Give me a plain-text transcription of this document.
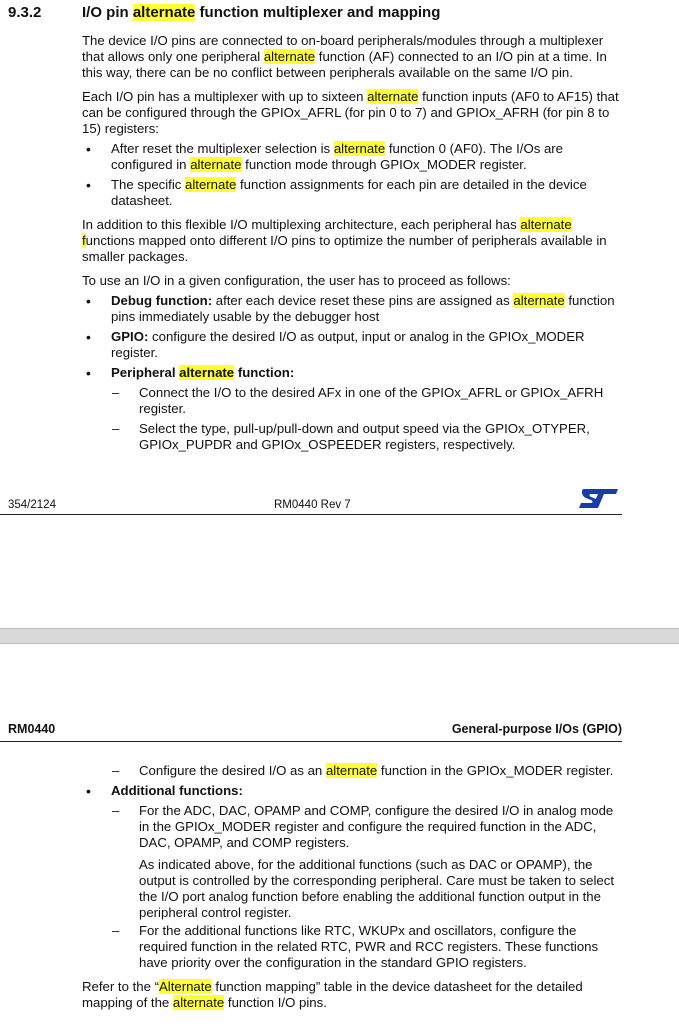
9.3.2	I/O pin alternate function multiplexer and mapping
The device I/O pins are connected to on-board peripherals/modules through a multiplexer
that allows only one peripheral alternate function (AF) connected to an I/O pin at a time. In
this way, there can be no conflict between peripherals available on the same I/O pin.
Each I/O pin has a multiplexer with up to sixteen alternate function inputs (AF0 to AF15) that
can be configured through the GPIOx_AFRL (for pin 0 to 7) and GPIOx_AFRH (for pin 8 to
15) registers:
• After reset the multiplexer selection is alternate function 0 (AF0). The I/Os are
configured in alternate function mode through GPIOx_MODER register.
• The specific alternate function assignments for each pin are detailed in the device
datasheet.
In addition to this flexible I/O multiplexing architecture, each peripheral has alternate
functions mapped onto different I/O pins to optimize the number of peripherals available in
smaller packages.
To use an I/O in a given configuration, the user has to proceed as follows:
• Debug function: after each device reset these pins are assigned as alternate function
pins immediately usable by the debugger host
• GPIO: configure the desired I/O as output, input or analog in the GPIOx_MODER
register.
• Peripheral alternate function:
– Connect the I/O to the desired AFx in one of the GPIOx_AFRL or GPIOx_AFRH
register.
– Select the type, pull-up/pull-down and output speed via the GPIOx_OTYPER,
GPIOx_PUPDR and GPIOx_OSPEEDER registers, respectively.
354/2124	RM0440 Rev 7
RM0440	General-purpose I/Os (GPIO)
– Configure the desired I/O as an alternate function in the GPIOx_MODER register.
• Additional functions:
– For the ADC, DAC, OPAMP and COMP, configure the desired I/O in analog mode
in the GPIOx_MODER register and configure the required function in the ADC,
DAC, OPAMP, and COMP registers.
As indicated above, for the additional functions (such as DAC or OPAMP), the
output is controlled by the corresponding peripheral. Care must be taken to select
the I/O port analog function before enabling the additional function output in the
peripheral control register.
– For the additional functions like RTC, WKUPx and oscillators, configure the
required function in the related RTC, PWR and RCC registers. These functions
have priority over the configuration in the standard GPIO registers.
Refer to the “Alternate function mapping” table in the device datasheet for the detailed
mapping of the alternate function I/O pins.
